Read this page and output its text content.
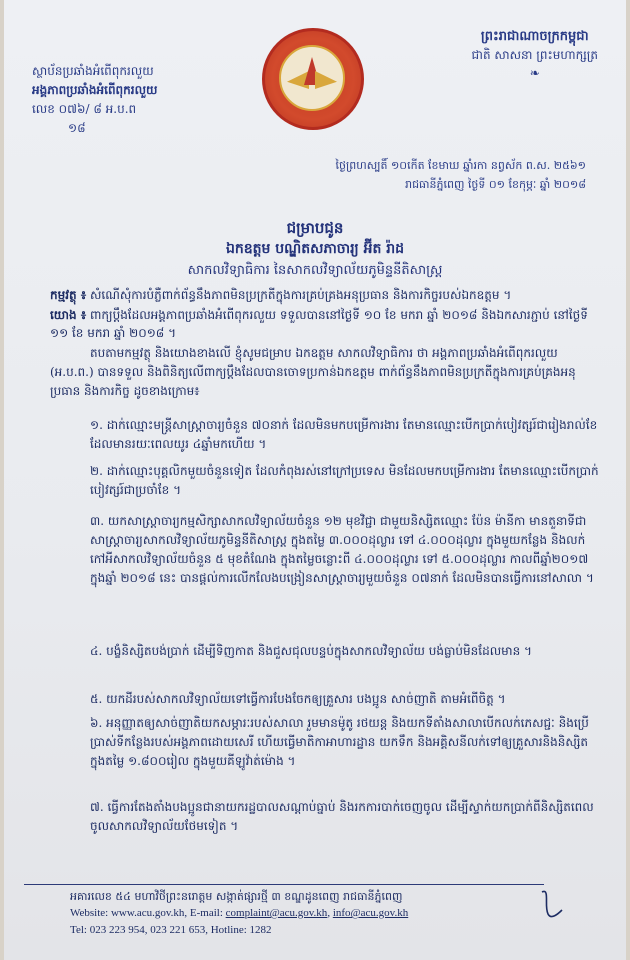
ព្រះរាជាណាចក្រកម្ពុជា
ជាតិ សាសនា ព្រះមហាក្សត្រ
❧
ស្ថាប័នប្រឆាំងអំពើពុករលួយ
អង្គភាពប្រឆាំងអំពើពុករលួយ
លេខ ០៧៦/ ៨ អ.ប.ព
១៨
ថ្ងៃព្រហស្បតិ៍ ១០កើត ខែមាឃ ឆ្នាំរកា នព្វស័ក ព.ស. ២៥៦១
រាជធានីភ្នំពេញ ថ្ងៃទី ០១ ខែកុម្ភៈ ឆ្នាំ ២០១៨
ជម្រាបជូន
ឯកឧត្តម បណ្ឌិតសភាចារ្យ អ៊ីត រ៉ាដ
សាកលវិទ្យាធិការ នៃសាកលវិទ្យាល័យភូមិន្ទនីតិសាស្ត្រ
កម្មវត្ថុ ៖ សំណើសុំការបំភ្លឺពាក់ព័ន្ធនឹងភាពមិនប្រក្រតីក្នុងការគ្រប់គ្រងអនុប្រធាន និងការកិច្ចរបស់ឯកឧត្តម ។
យោង ៖ ពាក្យប្តឹងដែលអង្គភាពប្រឆាំងអំពើពុករលួយ ទទួលបាននៅថ្ងៃទី ១០ ខែ មករា ឆ្នាំ ២០១៨ និងឯកសារភ្ជាប់ នៅថ្ងៃទី ១១ ខែ មករា ឆ្នាំ ២០១៨ ។
តបតាមកម្មវត្ថុ និងយោងខាងលើ ខ្ញុំសូមជម្រាប ឯកឧត្តម សាកលវិទ្យាធិការ ថា អង្គភាពប្រឆាំងអំពើពុករលួយ (អ.ប.ព.) បានទទួល និងពិនិត្យលើពាក្យប្តឹងដែលបានចោទប្រកាន់ឯកឧត្តម ពាក់ព័ន្ធនឹងភាពមិនប្រក្រតីក្នុងការគ្រប់គ្រងអនុប្រធាន និងការកិច្ច ដូចខាងក្រោម៖
១. ដាក់ឈ្មោះមន្ត្រីសាស្ត្រាចារ្យចំនួន ៧០នាក់ ដែលមិនមកបម្រើការងារ តែមានឈ្មោះបើកប្រាក់បៀវត្សរ៍ជារៀងរាល់ខែ ដែលមានរយៈពេលយូរ ៤ឆ្នាំមកហើយ ។
២. ដាក់ឈ្មោះបុគ្គលិកមួយចំនួនទៀត ដែលកំពុងរស់នៅក្រៅប្រទេស មិនដែលមកបម្រើការងារ តែមានឈ្មោះបើកប្រាក់បៀវត្សរ៍ជាប្រចាំខែ ។
៣. យកសាស្ត្រាចារ្យកម្មសិក្សាសាកលវិទ្យាល័យចំនួន ១២ មុខវិជ្ជា ជាមួយនិស្សិតឈ្មោះ ប៉ែន ម៉ានីកា មានតួនាទីជាសាស្ត្រាចារ្យសាកលវិទ្យាល័យភូមិន្ទនីតិសាស្ត្រ ក្នុងតម្លៃ ៣.០០០ដុល្លារ ទៅ ៤.០០០ដុល្លារ ក្នុងមួយកន្លែង និងលក់កៅអីសាកលវិទ្យាល័យចំនួន ៥ មុខតំណែង ក្នុងតម្លៃចន្លោះពី ៤.០០០ដុល្លារ ទៅ ៥.០០០ដុល្លារ កាលពីឆ្នាំ២០១៧ ក្នុងឆ្នាំ ២០១៨ នេះ បានផ្តល់ការលើកលែងបង្រៀនសាស្ត្រាចារ្យមួយចំនួន ០៧នាក់ ដែលមិនបានធ្វើការនៅសាលា ។
៤. បង្ខំនិស្សិតបង់ប្រាក់ ដើម្បីទិញកាត និងជួសជុលបន្ទប់ក្នុងសាកលវិទ្យាល័យ បង់ធ្លាប់មិនដែលមាន ។
៥. យកដីរបស់សាកលវិទ្យាល័យទៅធ្វើការបែងចែកឲ្យគ្រួសារ បងប្អូន សាច់ញាតិ តាមអំពើចិត្ត ។
៦. អនុញ្ញាតឲ្យសាច់ញាតិយកសម្ភារៈរបស់សាលា រួមមានម៉ូតូ រថយន្ត និងយកទីតាំងសាលាបើកលក់ភេសជ្ជៈ និងប្រើប្រាស់ទីកន្លែងរបស់អង្គភាពដោយសេរី ហើយធ្វើមាតិកាអាហារដ្ឋាន យកទឹក និងអគ្គិសនីលក់ទៅឲ្យគ្រួសារនិងនិស្សិតក្នុងតម្លៃ ១.៨០០រៀល ក្នុងមួយគីឡូវ៉ាត់ម៉ោង ។
៧. ធ្វើការតែងតាំងបងប្អូនជានាយករដ្ឋបាលសណ្តាប់ធ្នាប់ និងរកការបាក់ចេញចូល ដើម្បីស្ទាក់យកប្រាក់ពីនិស្សិតពេលចូលសាកលវិទ្យាល័យថែមទៀត ។
អគារលេខ ៥៤ មហាវិថីព្រះនរោត្តម សង្កាត់ផ្សារថ្មី ៣ ខណ្ឌដូនពេញ រាជធានីភ្នំពេញ
Website: www.acu.gov.kh, E-mail: complaint@acu.gov.kh, info@acu.gov.kh
Tel: 023 223 954, 023 221 653, Hotline: 1282
